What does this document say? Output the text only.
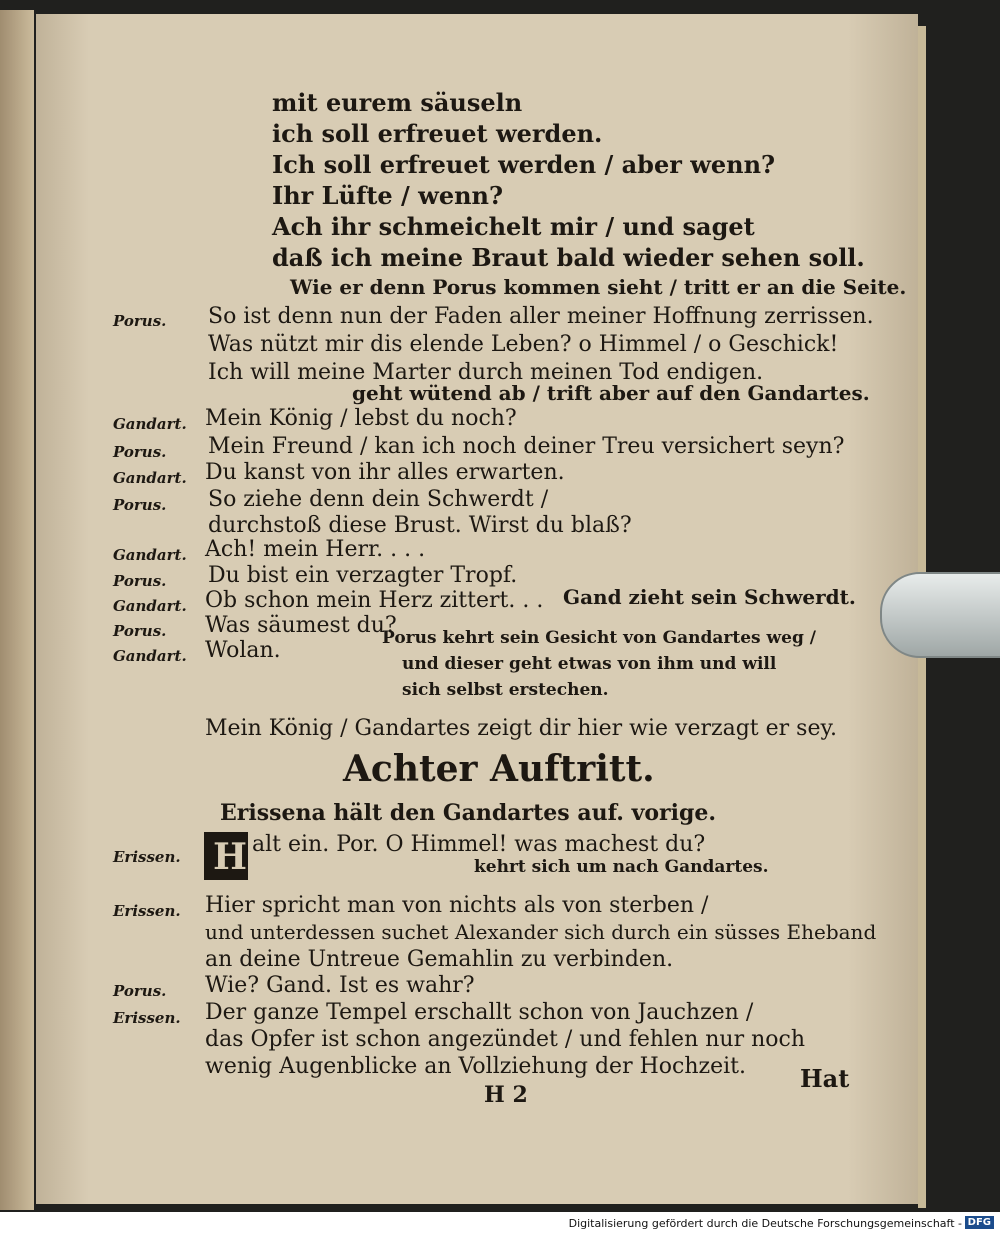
mit eurem säuseln
ich soll erfreuet werden.
Ich soll erfreuet werden / aber wenn?
Ihr Lüfte / wenn?
Ach ihr schmeichelt mir / und saget
daß ich meine Braut bald wieder sehen soll.
Wie er denn Porus kommen sieht / tritt er an die Seite.
Porus. So ist denn nun der Faden aller meiner Hoffnung zerrissen.
Was nützt mir dis elende Leben? o Himmel / o Geschick!
Ich will meine Marter durch meinen Tod endigen.
geht wütend ab / trift aber auf den Gandartes.
Gandart. Mein König / lebst du noch?
Porus. Mein Freund / kan ich noch deiner Treu versichert seyn?
Gandart. Du kanst von ihr alles erwarten.
Porus. So ziehe denn dein Schwerdt /
durchstoß diese Brust. Wirst du blaß?
Gandart. Ach! mein Herr. . . .
Porus. Du bist ein verzagter Tropf.
Gandart. Ob schon mein Herz zittert. . . Gand zieht sein Schwerdt.
Porus. Was säumest du?
Gandart. Wolan.	Porus kehrt sein Gesicht von Gandartes weg /
und dieser geht etwas von ihm und will
sich selbst erstechen.
Mein König / Gandartes zeigt dir hier wie verzagt er sey.
Achter Auftritt.
Erissena hält den Gandartes auf. vorige.
Erissen. H alt ein. Por. O Himmel! was machest du?
kehrt sich um nach Gandartes.
Erissen. Hier spricht man von nichts als von sterben /
und unterdessen suchet Alexander sich durch ein süsses Eheband
an deine Untreue Gemahlin zu verbinden.
Porus. Wie? Gand. Ist es wahr?
Erissen. Der ganze Tempel erschallt schon von Jauchzen /
das Opfer ist schon angezündet / und fehlen nur noch
wenig Augenblicke an Vollziehung der Hochzeit.
H 2
Hat
Digitalisierung gefördert durch die Deutsche Forschungsgemeinschaft - DFG
